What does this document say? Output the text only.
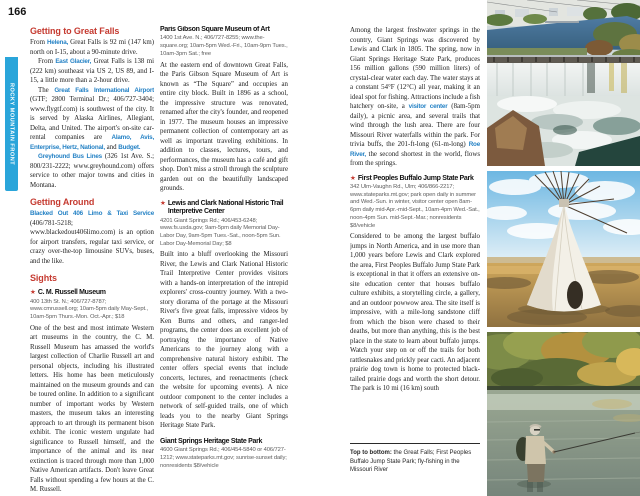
166
ROCKY MOUNTAIN FRONT
Getting to Great Falls

From Helena, Great Falls is 92 mi (147 km) north on I-15, about a 90-minute drive.

From East Glacier, Great Falls is 138 mi (222 km) southeast via US 2, US 89, and I-15, a little more than a 2-hour drive.

The Great Falls International Airport (GTF; 2800 Terminal Dr.; 406/727-3404; www.flygtf.com) is southwest of the city. It is served by Alaska Airlines, Allegiant, Delta, and United. The airport's on-site car-rental companies are Alamo, Avis, Enterprise, Hertz, National, and Budget.

Greyhound Bus Lines (326 1st Ave. S.; 800/231-2222; www.greyhound.com) offers service to other major towns and cities in Montana.

Getting Around

Blacked Out 406 Limo & Taxi Service (406/781-5218; www.blackedout406limo.com) is an option for airport transfers, regular taxi service, or crazy over-the-top limousine SUVs, buses, and the like.

Sights
★ C. M. Russell Museum
400 13th St. N.; 406/727-8787; www.cmrussell.org; 10am-5pm daily May-Sept., 10am-5pm Thurs.-Mon. Oct.-Apr.; $18

One of the best and most intimate Western art museums in the country, the C. M. Russell Museum has amassed the world's largest collection of Charlie Russell art and personal objects, including his illustrated letters. His home has been meticulously maintained on the museum grounds and can be toured online. In addition to a significant number of important works by Western masters, the museum takes an interesting approach to art through its permanent bison exhibit. The iconic western ungulate had significance to Russell himself, and the importance of the animal and its near extinction is traced through more than 1,000 Native American artifacts. Don't leave Great Falls without spending a few hours at the C. M. Russell.

Paris Gibson Square Museum of Art
1400 1st Ave. N.; 406/727-8255; www.the-square.org; 10am-5pm Wed.-Fri., 10am-9pm Tues., 10am-3pm Sat.; free

At the eastern end of downtown Great Falls, the Paris Gibson Square Museum of Art is known as “The Square” and occupies an entire city block. Built in 1896 as a school, the impressive structure was renovated, renamed after the city's founder, and reopened in 1977. The museum houses an impressive permanent collection of contemporary art as well as important traveling exhibitions. In addition to classes, lectures, tours, and performances, the museum has a café and gift shop. Don't miss a stroll through the sculpture garden out on the beautifully landscaped grounds.

★ Lewis and Clark National Historic Trail Interpretive Center
4201 Giant Springs Rd.; 406/453-6248; www.fs.usda.gov; 9am-5pm daily Memorial Day-Labor Day, 9am-5pm Tues.-Sat., noon-5pm Sun. Labor Day-Memorial Day; $8

Built into a bluff overlooking the Missouri River, the Lewis and Clark National Historic Trail Interpretive Center provides visitors with a hands-on interpretation of the intrepid explorers' cross-country journey. With a two-story diorama of the portage at the Missouri River's five great falls, impressive videos by Ken Burns and others, and ranger-led programs, the center does an excellent job of portraying the importance of Native Americans to the journey along with a comprehensive natural history exhibit. The center offers special events that include concerts, lectures, and reenactments (check the website for upcoming events). A nice outdoor component to the center includes a network of self-guided trails, one of which leads you to the nearby Giant Springs Heritage State Park.

Giant Springs Heritage State Park
4600 Giant Springs Rd.; 406/454-5840 or 406/727-1212; www.stateparks.mt.gov; sunrise-sunset daily; nonresidents $8/vehicle

Among the largest freshwater springs in the country, Giant Springs was discovered by Lewis and Clark in 1805. The spring, now in Giant Springs Heritage State Park, produces 156 million gallons (590 million liters) of crystal-clear water each day. The water stays at a constant 54°F (12°C) all year, making it an ideal spot for fishing. Attractions include a fish hatchery on-site, a visitor center (8am-5pm daily), a picnic area, and several trails that wind through the lush area. There are four Missouri River waterfalls within the park. For trivia buffs, the 201-ft-long (61-m-long) Roe River, the second shortest in the world, flows from the springs.

★ First Peoples Buffalo Jump State Park
342 Ulm-Vaughn Rd., Ulm; 406/866-2217; www.stateparks.mt.gov; park open daily in summer and Wed.-Sun. in winter, visitor center open 8am-6pm daily mid-Apr.-mid-Sept., 10am-4pm Wed.-Sat., noon-4pm Sun. mid-Sept.-Mar.; nonresidents $8/vehicle

Considered to be among the largest buffalo jumps in North America, and in use more than 1,000 years before Lewis and Clark explored the area, First Peoples Buffalo Jump State Park is exceptional in that it offers an extensive on-site education center that houses buffalo culture exhibits, a storytelling circle, a gallery, and an outdoor powwow area. The site itself is impressive, with a mile-long sandstone cliff from which the bison were chased to their deaths, but more than anything, this is the best place in the state to learn about buffalo jumps. Watch your step on or off the trails for both rattlesnakes and prickly pear cacti. An adjacent prairie dog town is home to protected black-tailed prairie dogs and worth the short detour. The park is 10 mi (16 km) south

Top to bottom: the Great Falls; First Peoples Buffalo Jump State Park; fly-fishing in the Missouri River
